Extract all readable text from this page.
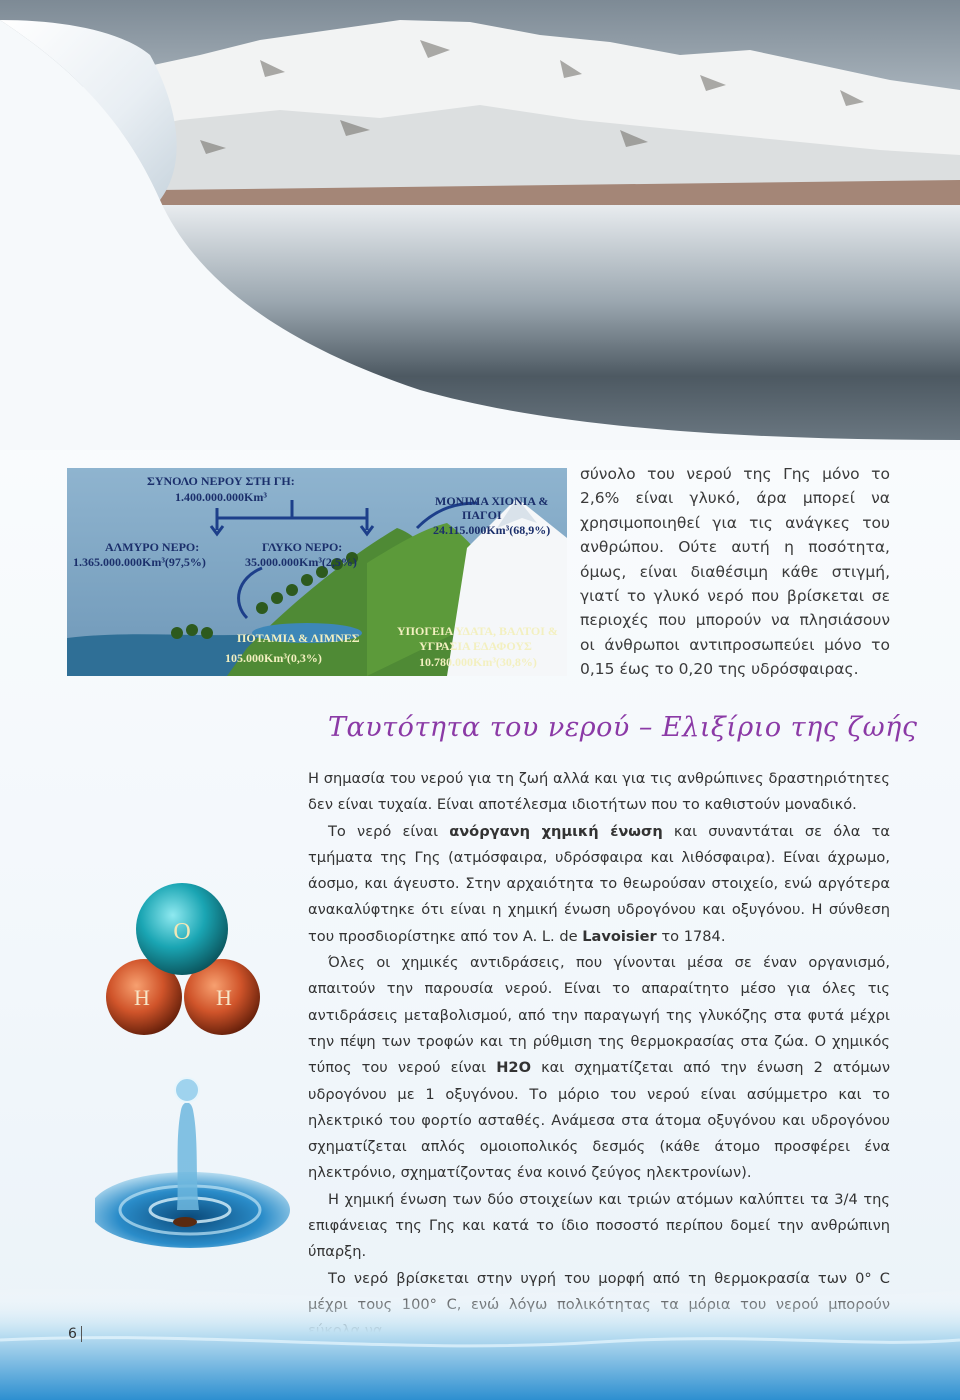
ΣΥΝΟΛΟ ΝΕΡΟΥ ΣΤΗ ΓΗ:
1.400.000.000Km³
ΑΛΜΥΡΟ ΝΕΡΟ:
1.365.000.000Km³(97,5%)
ΓΛΥΚΟ ΝΕΡΟ:
35.000.000Km³(2,5%)
ΜΟΝΙΜΑ ΧΙΟΝΙΑ &
ΠΑΓΟΙ
24.115.000Km³(68,9%)
ΠΟΤΑΜΙΑ & ΛΙΜΝΕΣ
105.000Km³(0,3%)
ΥΠΟΓΕΙΑ ΥΔΑΤΑ, ΒΑΛΤΟΙ &
ΥΓΡΑΣΙΑ ΕΔΑΦΟΥΣ
10.780.000Km³(30,8%)

σύνολο του νερού της Γης μόνο το 2,6% είναι γλυκό, άρα μπορεί να χρησιμοποιηθεί για τις ανάγκες του ανθρώπου. Ούτε αυτή η ποσότητα, όμως, είναι διαθέσιμη κάθε στιγμή, γιατί το γλυκό νερό που βρίσκεται σε περιοχές που μπορούν να πλησιάσουν οι άνθρωποι αντιπροσωπεύει μόνο το 0,15 έως το 0,20 της υδρόσφαιρας.

Ταυτότητα του νερού – Ελιξίριο της ζωής
O
H	H

Η σημασία του νερού για τη ζωή αλλά και για τις ανθρώπινες δραστηριότητες δεν είναι τυχαία. Είναι αποτέλεσμα ιδιοτήτων που το καθιστούν μοναδικό.

Το νερό είναι ανόργανη χημική ένωση και συναντάται σε όλα τα τμήματα της Γης (ατμόσφαιρα, υδρόσφαιρα και λιθόσφαιρα). Είναι άχρωμο, άοσμο, και άγευστο. Στην αρχαιότητα το θεωρούσαν στοιχείο, ενώ αργότερα ανακαλύφτηκε ότι είναι η χημική ένωση υδρογόνου και οξυγόνου. Η σύνθεση του προσδιορίστηκε από τον A. L. de Lavoisier το 1784.

Όλες οι χημικές αντιδράσεις, που γίνονται μέσα σε έναν οργανισμό, απαιτούν την παρουσία νερού. Είναι το απαραίτητο μέσο για όλες τις αντιδράσεις μεταβολισμού, από την παραγωγή της γλυκόζης στα φυτά μέχρι την πέψη των τροφών και τη ρύθμιση της θερμοκρασίας στα ζώα. Ο χημικός τύπος του νερού είναι H2O και σχηματίζεται από την ένωση 2 ατόμων υδρογόνου με 1 οξυγόνου. Το μόριο του νερού είναι ασύμμετρο και το ηλεκτρικό του φορτίο ασταθές. Ανάμεσα στα άτομα οξυγόνου και υδρογόνου σχηματίζεται απλός ομοιοπολικός δεσμός (κάθε άτομο προσφέρει ένα ηλεκτρόνιο, σχηματίζοντας ένα κοινό ζεύγος ηλεκτρονίων).

Η χημική ένωση των δύο στοιχείων και τριών ατόμων καλύπτει τα 3/4 της επιφάνειας της Γης και κατά το ίδιο ποσοστό περίπου δομεί την ανθρώπινη ύπαρξη.

Το νερό βρίσκεται στην υγρή του μορφή από τη θερμοκρασία των 0° C

6
